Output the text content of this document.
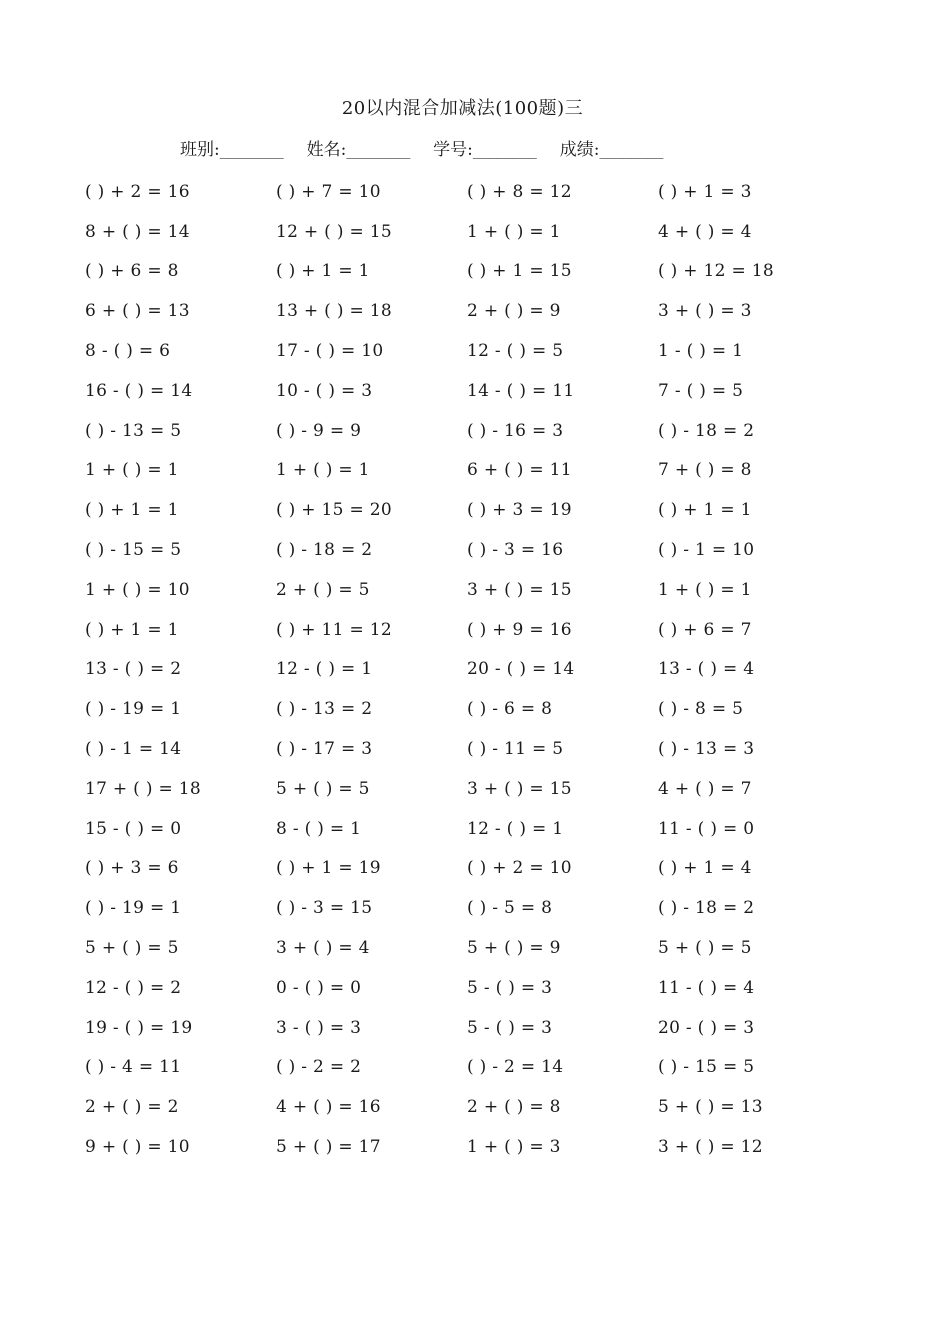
20以内混合加减法(100题)三
班别:________ 姓名:________ 学号:________ 成绩:________
( ) + 2 = 16	( ) + 7 = 10	( ) + 8 = 12	( ) + 1 = 3
8 + ( ) = 14	12 + ( ) = 15	1 + ( ) = 1	4 + ( ) = 4
( ) + 6 = 8	( ) + 1 = 1	( ) + 1 = 15	( ) + 12 = 18
6 + ( ) = 13	13 + ( ) = 18	2 + ( ) = 9	3 + ( ) = 3
8 - ( ) = 6	17 - ( ) = 10	12 - ( ) = 5	1 - ( ) = 1
16 - ( ) = 14	10 - ( ) = 3	14 - ( ) = 11	7 - ( ) = 5
( ) - 13 = 5	( ) - 9 = 9	( ) - 16 = 3	( ) - 18 = 2
1 + ( ) = 1	1 + ( ) = 1	6 + ( ) = 11	7 + ( ) = 8
( ) + 1 = 1	( ) + 15 = 20	( ) + 3 = 19	( ) + 1 = 1
( ) - 15 = 5	( ) - 18 = 2	( ) - 3 = 16	( ) - 1 = 10
1 + ( ) = 10	2 + ( ) = 5	3 + ( ) = 15	1 + ( ) = 1
( ) + 1 = 1	( ) + 11 = 12	( ) + 9 = 16	( ) + 6 = 7
13 - ( ) = 2	12 - ( ) = 1	20 - ( ) = 14	13 - ( ) = 4
( ) - 19 = 1	( ) - 13 = 2	( ) - 6 = 8	( ) - 8 = 5
( ) - 1 = 14	( ) - 17 = 3	( ) - 11 = 5	( ) - 13 = 3
17 + ( ) = 18	5 + ( ) = 5	3 + ( ) = 15	4 + ( ) = 7
15 - ( ) = 0	8 - ( ) = 1	12 - ( ) = 1	11 - ( ) = 0
( ) + 3 = 6	( ) + 1 = 19	( ) + 2 = 10	( ) + 1 = 4
( ) - 19 = 1	( ) - 3 = 15	( ) - 5 = 8	( ) - 18 = 2
5 + ( ) = 5	3 + ( ) = 4	5 + ( ) = 9	5 + ( ) = 5
12 - ( ) = 2	0 - ( ) = 0	5 - ( ) = 3	11 - ( ) = 4
19 - ( ) = 19	3 - ( ) = 3	5 - ( ) = 3	20 - ( ) = 3
( ) - 4 = 11	( ) - 2 = 2	( ) - 2 = 14	( ) - 15 = 5
2 + ( ) = 2	4 + ( ) = 16	2 + ( ) = 8	5 + ( ) = 13
9 + ( ) = 10	5 + ( ) = 17	1 + ( ) = 3	3 + ( ) = 12
